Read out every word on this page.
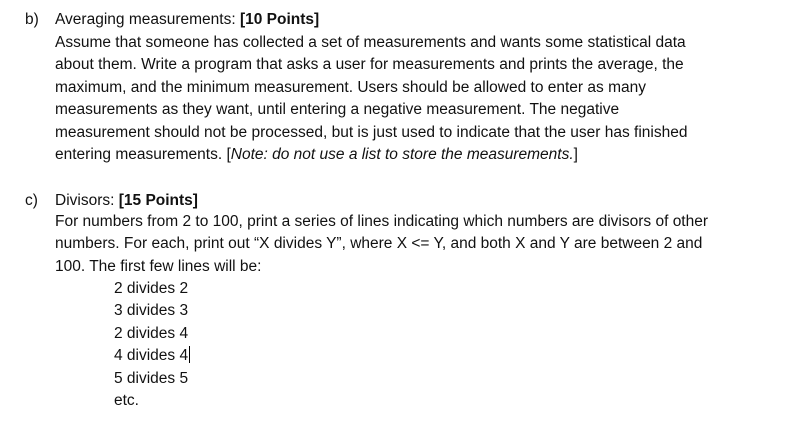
b) Averaging measurements: [10 Points]
Assume that someone has collected a set of measurements and wants some statistical data
about them. Write a program that asks a user for measurements and prints the average, the
maximum, and the minimum measurement. Users should be allowed to enter as many
measurements as they want, until entering a negative measurement. The negative
measurement should not be processed, but is just used to indicate that the user has finished
entering measurements. [Note: do not use a list to store the measurements.]
c) Divisors: [15 Points]
For numbers from 2 to 100, print a series of lines indicating which numbers are divisors of other
numbers. For each, print out “X divides Y”, where X <= Y, and both X and Y are between 2 and
100. The first few lines will be:
2 divides 2
3 divides 3
2 divides 4
4 divides 4
5 divides 5
etc.
